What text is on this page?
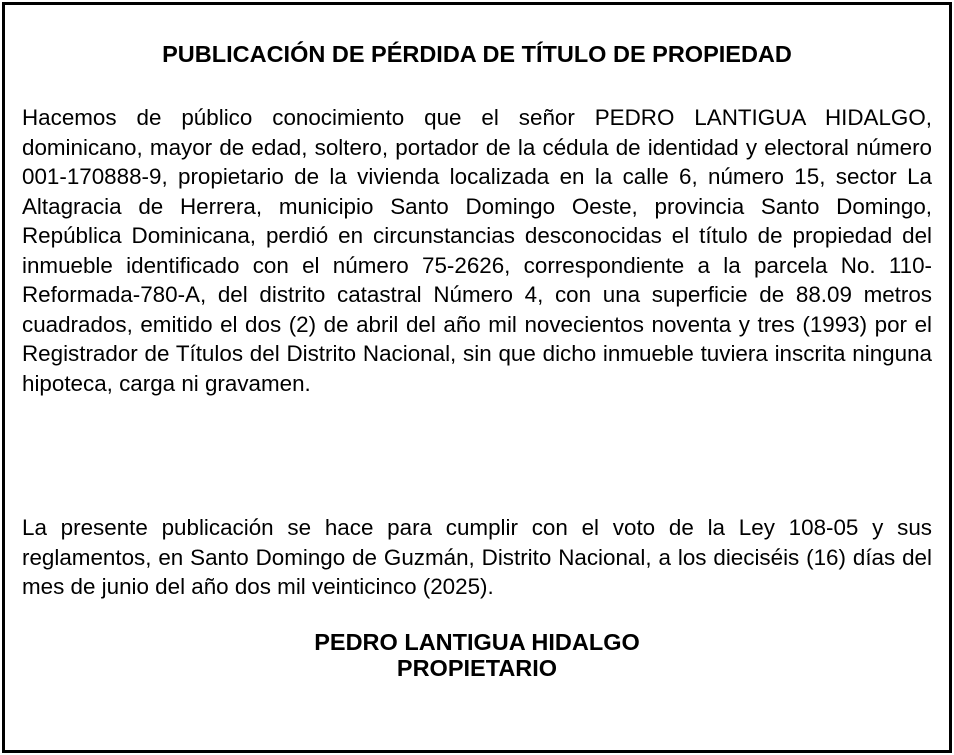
PUBLICACIÓN DE PÉRDIDA DE TÍTULO DE PROPIEDAD

Hacemos de público conocimiento que el señor PEDRO LANTIGUA HIDALGO, dominicano, mayor de edad, soltero, portador de la cédula de identidad y electoral número 001-170888-9, propietario de la vivienda localizada en la calle 6, número 15, sector La Altagracia de Herrera, municipio Santo Domingo Oeste, provincia Santo Domingo, República Dominicana, perdió en circunstancias desconocidas el título de propiedad del inmueble identificado con el número 75-2626, correspondiente a la parcela No. 110-Reformada-780-A, del distrito catastral Número 4, con una superficie de 88.09 metros cuadrados, emitido el dos (2) de abril del año mil novecientos noventa y tres (1993) por el Registrador de Títulos del Distrito Nacional, sin que dicho inmueble tuviera inscrita ninguna hipoteca, carga ni gravamen.

La presente publicación se hace para cumplir con el voto de la Ley 108-05 y sus reglamentos, en Santo Domingo de Guzmán, Distrito Nacional, a los dieciséis (16) días del mes de junio del año dos mil veinticinco (2025).

PEDRO LANTIGUA HIDALGO
PROPIETARIO
